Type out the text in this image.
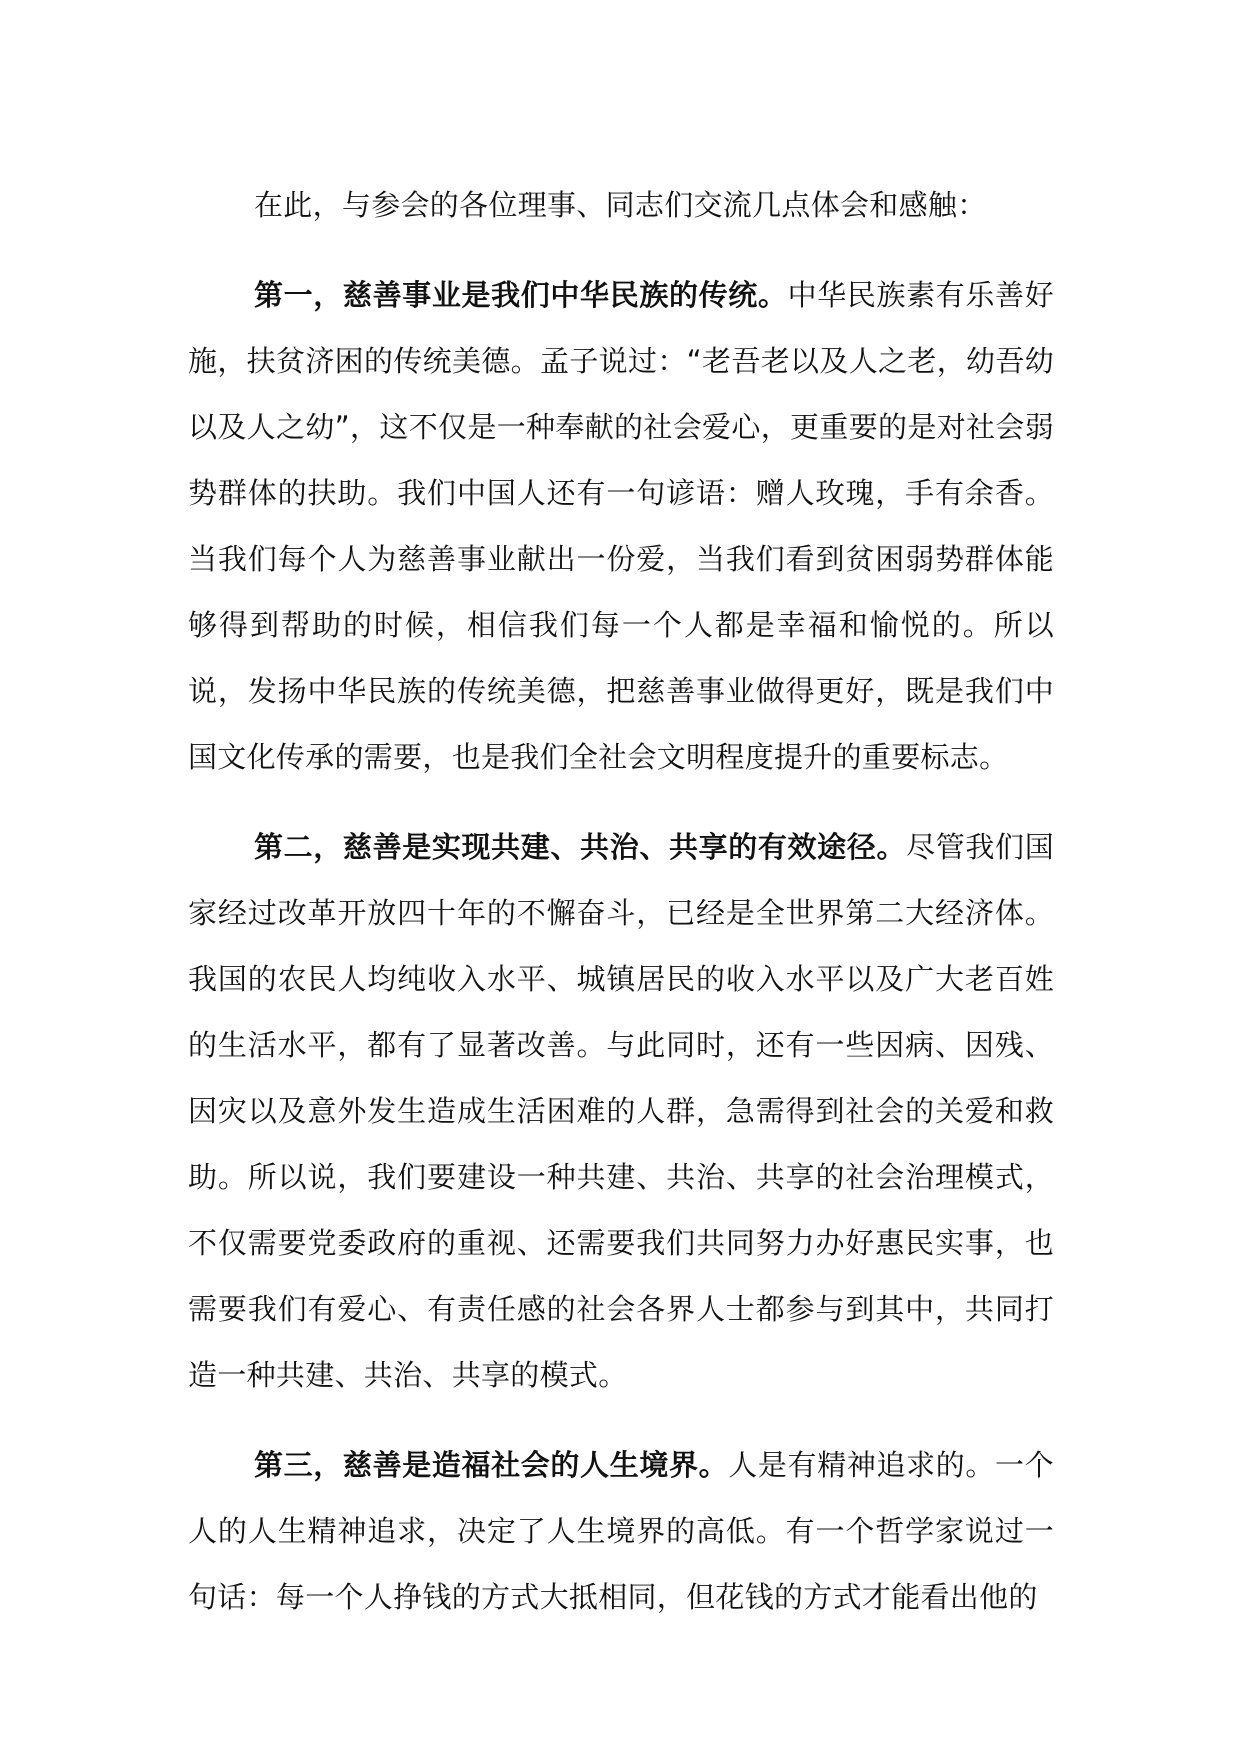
在此，与参会的各位理事、同志们交流几点体会和感触：

第一，慈善事业是我们中华民族的传统。中华民族素有乐善好施，扶贫济困的传统美德。孟子说过：“老吾老以及人之老，幼吾幼以及人之幼”，这不仅是一种奉献的社会爱心，更重要的是对社会弱势群体的扶助。我们中国人还有一句谚语：赠人玫瑰，手有余香。当我们每个人为慈善事业献出一份爱，当我们看到贫困弱势群体能够得到帮助的时候，相信我们每一个人都是幸福和愉悦的。所以说，发扬中华民族的传统美德，把慈善事业做得更好，既是我们中国文化传承的需要，也是我们全社会文明程度提升的重要标志。

第二，慈善是实现共建、共治、共享的有效途径。尽管我们国家经过改革开放四十年的不懈奋斗，已经是全世界第二大经济体。我国的农民人均纯收入水平、城镇居民的收入水平以及广大老百姓的生活水平，都有了显著改善。与此同时，还有一些因病、因残、因灾以及意外发生造成生活困难的人群，急需得到社会的关爱和救助。所以说，我们要建设一种共建、共治、共享的社会治理模式，不仅需要党委政府的重视、还需要我们共同努力办好惠民实事，也需要我们有爱心、有责任感的社会各界人士都参与到其中，共同打造一种共建、共治、共享的模式。

第三，慈善是造福社会的人生境界。人是有精神追求的。一个人的人生精神追求，决定了人生境界的高低。有一个哲学家说过一句话：每一个人挣钱的方式大抵相同，但花钱的方式才能看出他的
